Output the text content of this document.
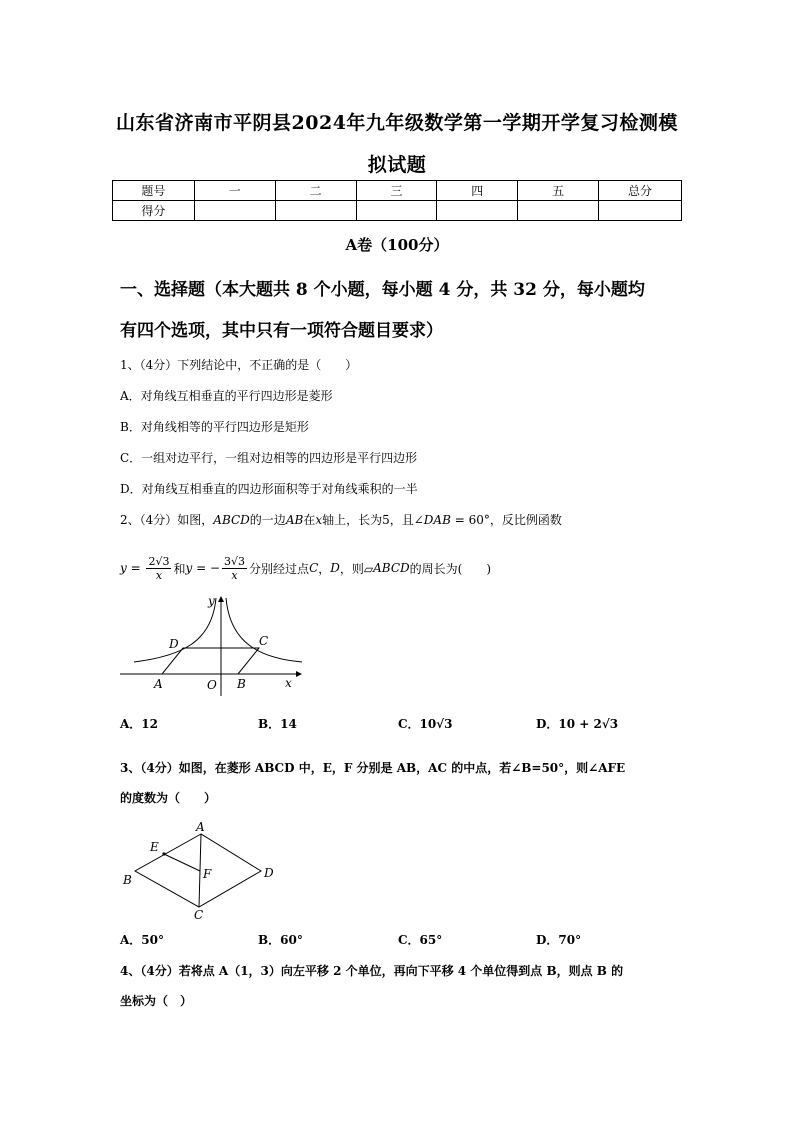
山东省济南市平阴县2024年九年级数学第一学期开学复习检测模
拟试题
题号	一	二	三	四	五	总分
得分						
A卷（100分）
一、选择题（本大题共 8 个小题，每小题 4 分，共 32 分，每小题均
有四个选项，其中只有一项符合题目要求）
1、（4分）下列结论中，不正确的是（　　）
A．对角线互相垂直的平行四边形是菱形
B．对角线相等的平行四边形是矩形
C．一组对边平行，一组对边相等的四边形是平行四边形
D．对角线互相垂直的四边形面积等于对角线乘积的一半
2、（4分）如图，ABCD的一边AB在x轴上，长为5，且∠DAB = 60°，反比例函数
$y = \frac{2√3}{x}$ 和 y = − $\frac{3√3}{x}$ 分别经过点 C ， D ，则▱ ABCD 的周长为(　　)
y
D	C
A	O B	x
A．12	B．14	C．10√3	D．10 + 2√3
3、（4分）如图，在菱形 ABCD 中，E，F 分别是 AB，AC 的中点，若∠B=50°，则∠AFE
的度数为（　　）
A
E
F
B	D
C
A．50°	B．60°	C．65°	D．70°
4、（4分）若将点 A（1，3）向左平移 2 个单位，再向下平移 4 个单位得到点 B，则点 B 的
坐标为（　）
